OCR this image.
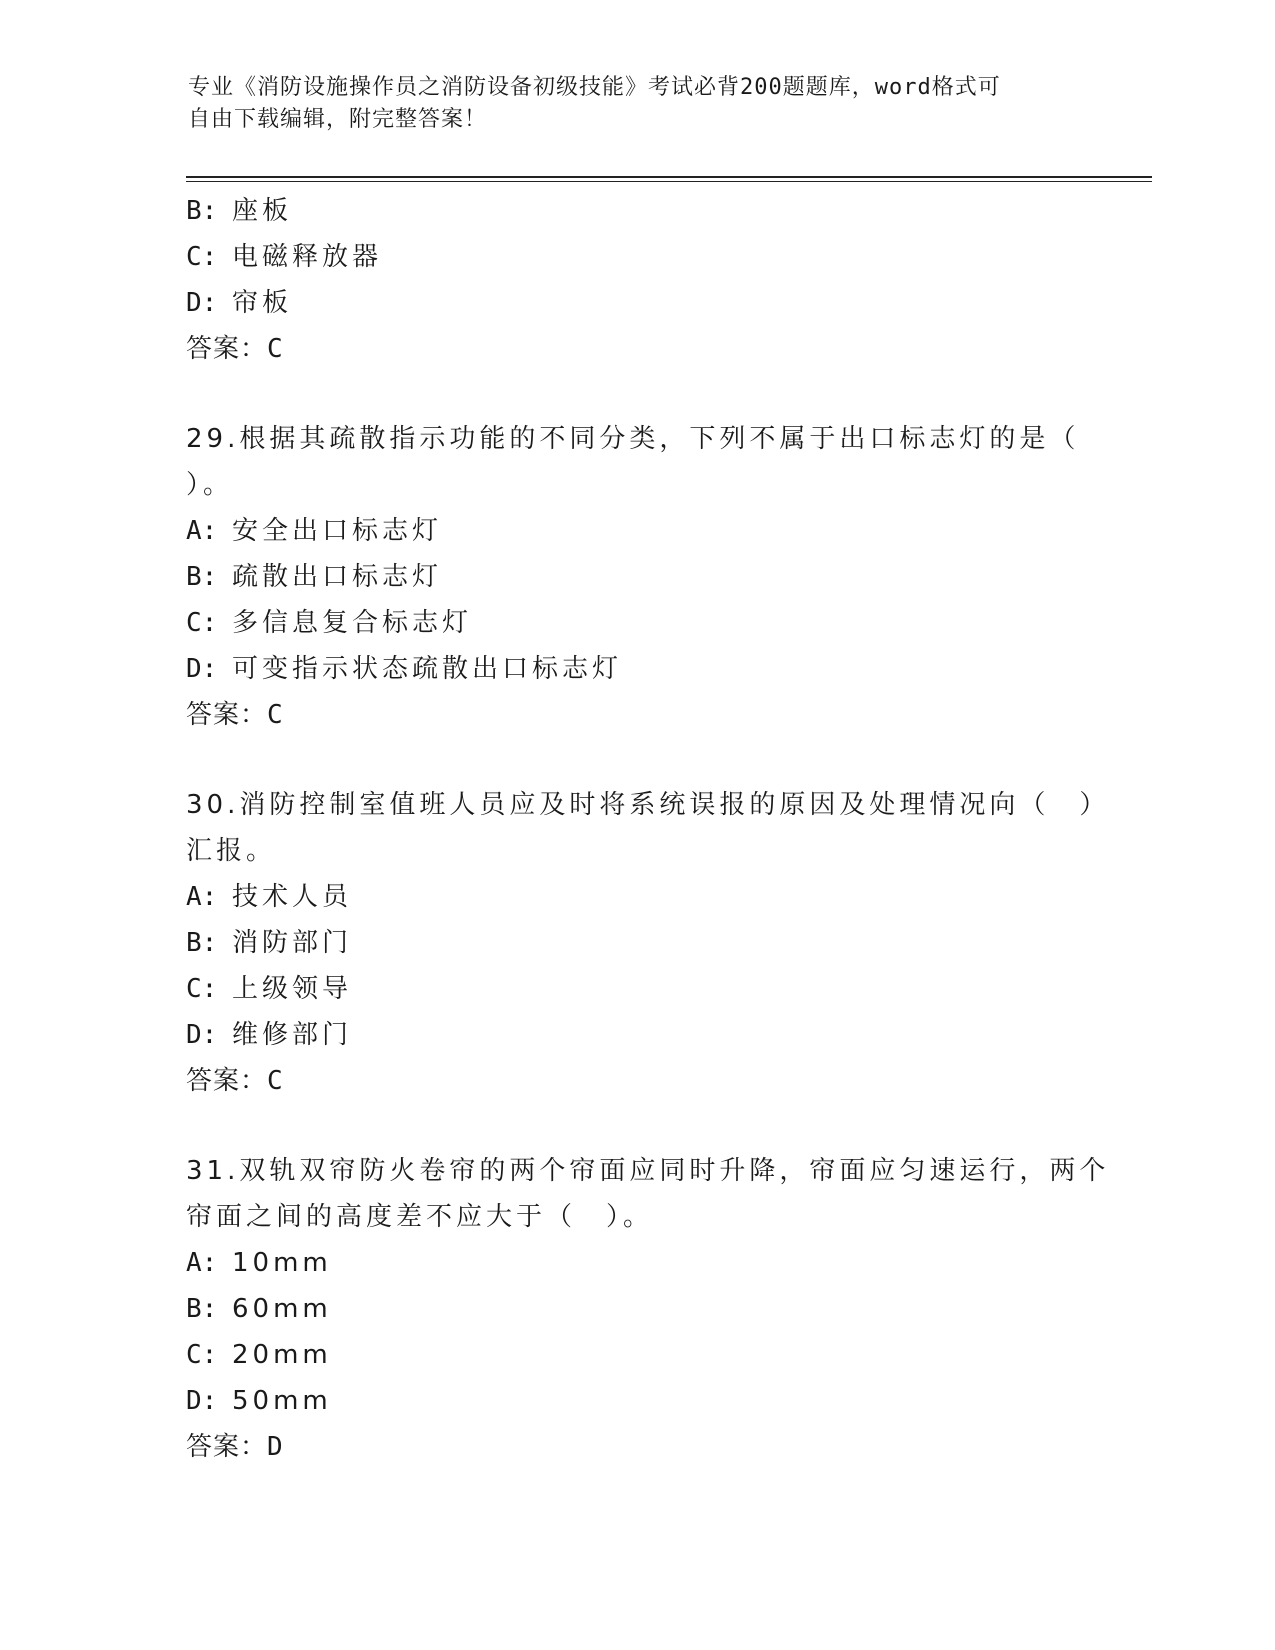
专业《消防设施操作员之消防设备初级技能》考试必背200题题库，word格式可
自由下载编辑，附完整答案！
B: 座板
C: 电磁释放器
D: 帘板
答案：C
29.根据其疏散指示功能的不同分类，下列不属于出口标志灯的是（
）。
A: 安全出口标志灯
B: 疏散出口标志灯
C: 多信息复合标志灯
D: 可变指示状态疏散出口标志灯
答案：C
30.消防控制室值班人员应及时将系统误报的原因及处理情况向（　）
汇报。
A: 技术人员
B: 消防部门
C: 上级领导
D: 维修部门
答案：C
31.双轨双帘防火卷帘的两个帘面应同时升降，帘面应匀速运行，两个
帘面之间的高度差不应大于（　）。
A: 10mm
B: 60mm
C: 20mm
D: 50mm
答案：D
